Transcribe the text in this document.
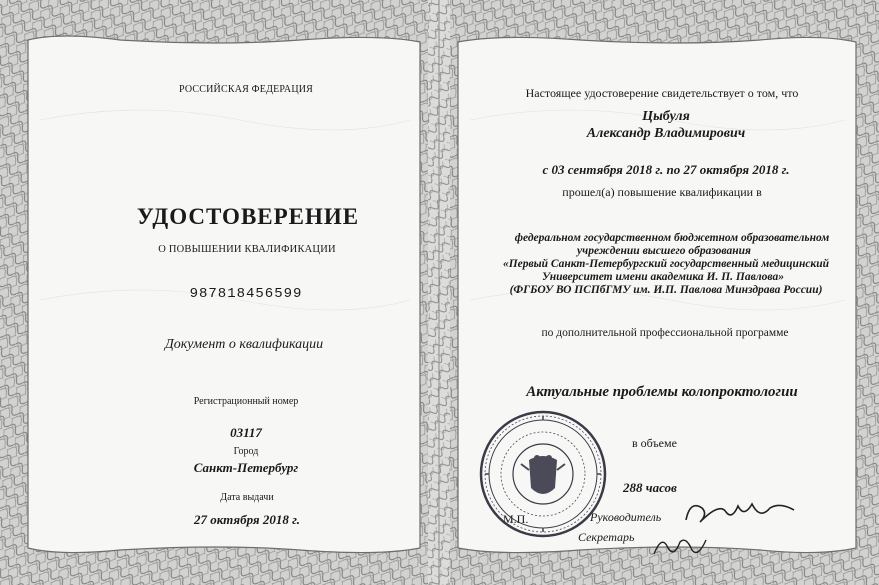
РОССИЙСКАЯ ФЕДЕРАЦИЯ
УДОСТОВЕРЕНИЕ
О ПОВЫШЕНИИ КВАЛИФИКАЦИИ
987818456599
Документ о квалификации
Регистрационный номер
03117
Город
Санкт-Петербург
Дата выдачи
27 октября 2018 г.
Настоящее удостоверение свидетельствует о том, что
Цыбуля
Александр Владимирович
с 03 сентября 2018 г. по 27 октября 2018 г.
прошел(а) повышение квалификации в
федеральном государственном бюджетном образовательном
учреждении высшего образования
«Первый Санкт-Петербургский государственный медицинский
Университет имени академика И. П. Павлова»
(ФГБОУ ВО ПСПбГМУ им. И.П. Павлова Минздрава России)
по дополнительной профессиональной программе
Актуальные проблемы колопроктологии
в объеме
288 часов
М.П.	Руководитель
Секретарь
